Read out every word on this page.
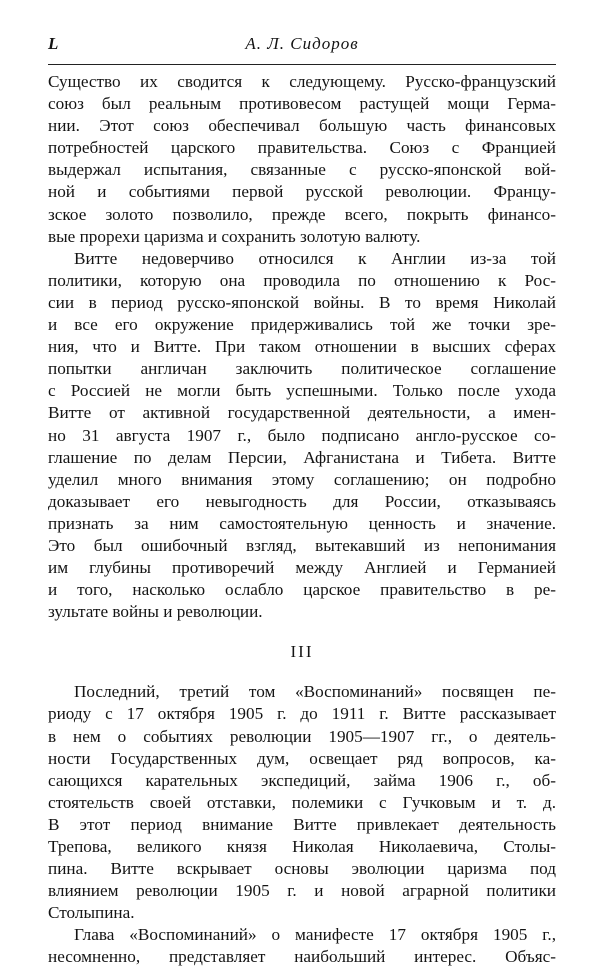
L	А. Л. Сидоров
Существо их сводится к следующему. Русско-французский
союз был реальным противовесом растущей мощи Герма-
нии. Этот союз обеспечивал большую часть финансовых
потребностей царского правительства. Союз с Францией
выдержал испытания, связанные с русско-японской вой-
ной и событиями первой русской революции. Францу-
зское золото позволило, прежде всего, покрыть финансо-
вые прорехи царизма и сохранить золотую валюту.
Витте недоверчиво относился к Англии из-за той
политики, которую она проводила по отношению к Рос-
сии в период русско-японской войны. В то время Николай
и все его окружение придерживались той же точки зре-
ния, что и Витте. При таком отношении в высших сферах
попытки англичан заключить политическое соглашение
с Россией не могли быть успешными. Только после ухода
Витте от активной государственной деятельности, а имен-
но 31 августа 1907 г., было подписано англо-русское со-
глашение по делам Персии, Афганистана и Тибета. Витте
уделил много внимания этому соглашению; он подробно
доказывает его невыгодность для России, отказываясь
признать за ним самостоятельную ценность и значение.
Это был ошибочный взгляд, вытекавший из непонимания
им глубины противоречий между Англией и Германией
и того, насколько ослабло царское правительство в ре-
зультате войны и революции.
III
Последний, третий том «Воспоминаний» посвящен пе-
риоду с 17 октября 1905 г. до 1911 г. Витте рассказывает
в нем о событиях революции 1905—1907 гг., о деятель-
ности Государственных дум, освещает ряд вопросов, ка-
сающихся карательных экспедиций, займа 1906 г., об-
стоятельств своей отставки, полемики с Гучковым и т. д.
В этот период внимание Витте привлекает деятельность
Трепова, великого князя Николая Николаевича, Столы-
пина. Витте вскрывает основы эволюции царизма под
влиянием революции 1905 г. и новой аграрной политики
Столыпина.
Глава «Воспоминаний» о манифесте 17 октября 1905 г.,
несомненно, представляет наибольший интерес. Объяс-
